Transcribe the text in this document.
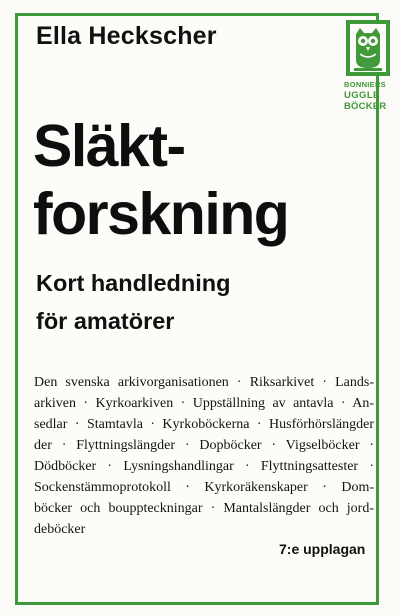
Ella Heckscher
BONNIERS
UGGLE
BÖCKER
Släkt-
forskning
Kort handledning
för amatörer
Den svenska arkivorganisationen · Riksarkivet · Lands-
arkiven · Kyrkoarkiven · Uppställning av antavla · An-
sedlar · Stamtavla · Kyrkoböckerna · Husförhörslängder
der · Flyttningslängder · Dopböcker · Vigselböcker ·
Dödböcker · Lysningshandlingar · Flyttningsattester ·
Sockenstämmoprotokoll · Kyrkoräkenskaper · Dom-
böcker och bouppteckningar · Mantalslängder och jord-
deböcker
7:e upplagan
